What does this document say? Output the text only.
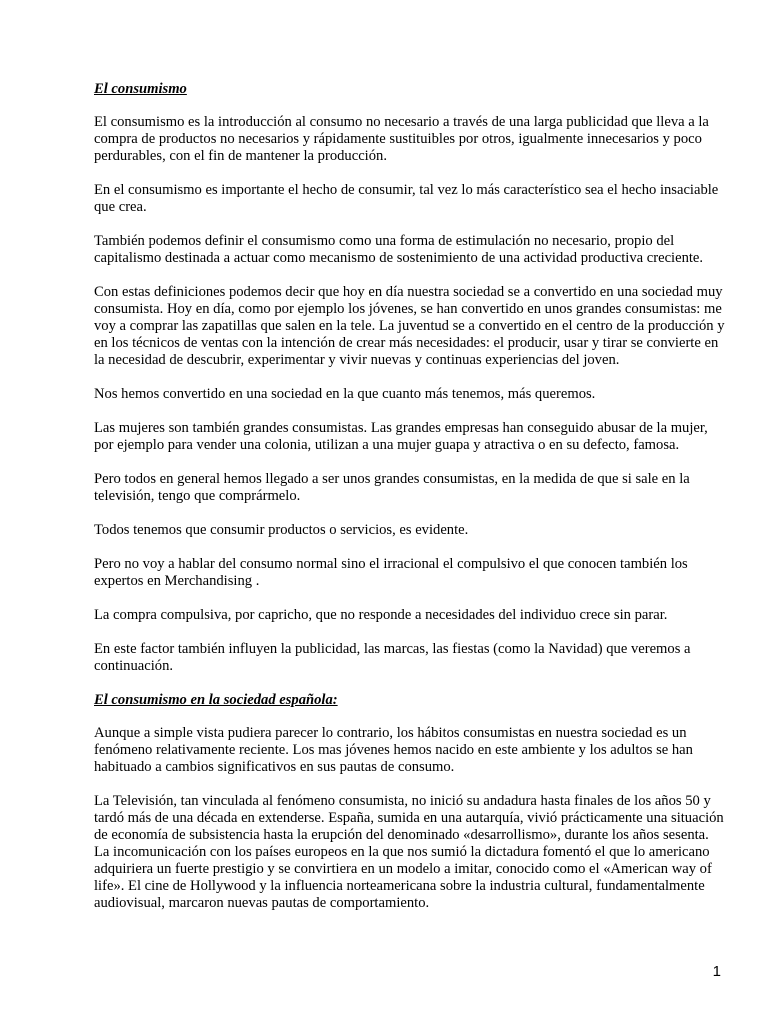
El consumismo
El consumismo es la introducción al consumo no necesario a través de una larga publicidad que lleva a la compra de productos no necesarios y rápidamente sustituibles por otros, igualmente innecesarios y poco perdurables, con el fin de mantener la producción.
En el consumismo es importante el hecho de consumir, tal vez lo más característico sea el hecho insaciable que crea.
También podemos definir el consumismo como una forma de estimulación no necesario, propio del capitalismo destinada a actuar como mecanismo de sostenimiento de una actividad productiva creciente.
Con estas definiciones podemos decir que hoy en día nuestra sociedad se a convertido en una sociedad muy consumista. Hoy en día, como por ejemplo los jóvenes, se han convertido en unos grandes consumistas: me voy a comprar las zapatillas que salen en la tele. La juventud se a convertido en el centro de la producción y en los técnicos de ventas con la intención de crear más necesidades: el producir, usar y tirar se convierte en la necesidad de descubrir, experimentar y vivir nuevas y continuas experiencias del joven.
Nos hemos convertido en una sociedad en la que cuanto más tenemos, más queremos.
Las mujeres son también grandes consumistas. Las grandes empresas han conseguido abusar de la mujer, por ejemplo para vender una colonia, utilizan a una mujer guapa y atractiva o en su defecto, famosa.
Pero todos en general hemos llegado a ser unos grandes consumistas, en la medida de que si sale en la televisión, tengo que comprármelo.
Todos tenemos que consumir productos o servicios, es evidente.
Pero no voy a hablar del consumo normal sino el irracional el compulsivo el que conocen también los expertos en Merchandising .
La compra compulsiva, por capricho, que no responde a necesidades del individuo crece sin parar.
En este factor también influyen la publicidad, las marcas, las fiestas (como la Navidad) que veremos a continuación.
El consumismo en la sociedad española:
Aunque a simple vista pudiera parecer lo contrario, los hábitos consumistas en nuestra sociedad es un fenómeno relativamente reciente. Los mas jóvenes hemos nacido en este ambiente y los adultos se han habituado a cambios significativos en sus pautas de consumo.
La Televisión, tan vinculada al fenómeno consumista, no inició su andadura hasta finales de los años 50 y tardó más de una década en extenderse. España, sumida en una autarquía, vivió prácticamente una situación de economía de subsistencia hasta la erupción del denominado «desarrollismo», durante los años sesenta. La incomunicación con los países europeos en la que nos sumió la dictadura fomentó el que lo americano adquiriera un fuerte prestigio y se convirtiera en un modelo a imitar, conocido como el «American way of life». El cine de Hollywood y la influencia norteamericana sobre la industria cultural, fundamentalmente audiovisual, marcaron nuevas pautas de comportamiento.
1
